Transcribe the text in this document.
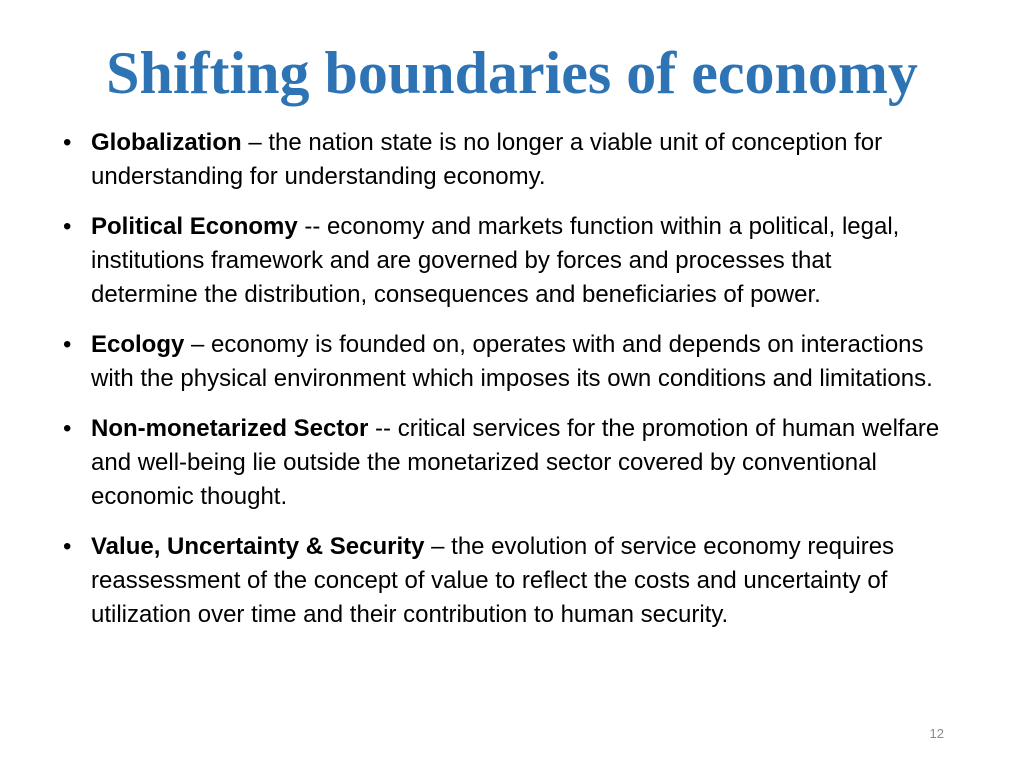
Shifting boundaries of economy
• Globalization – the nation state is no longer a viable unit of conception for understanding for understanding economy.
• Political Economy -- economy and markets function within a political, legal, institutions framework and are governed by forces and processes that determine the distribution, consequences and beneficiaries of power.
• Ecology – economy is founded on, operates with and depends on interactions with the physical environment which imposes its own conditions and limitations.
• Non-monetarized Sector -- critical services for the promotion of human welfare and well-being lie outside the monetarized sector covered by conventional economic thought.
• Value, Uncertainty & Security – the evolution of service economy requires reassessment of the concept of value to reflect the costs and uncertainty of utilization over time and their contribution to human security.
12
